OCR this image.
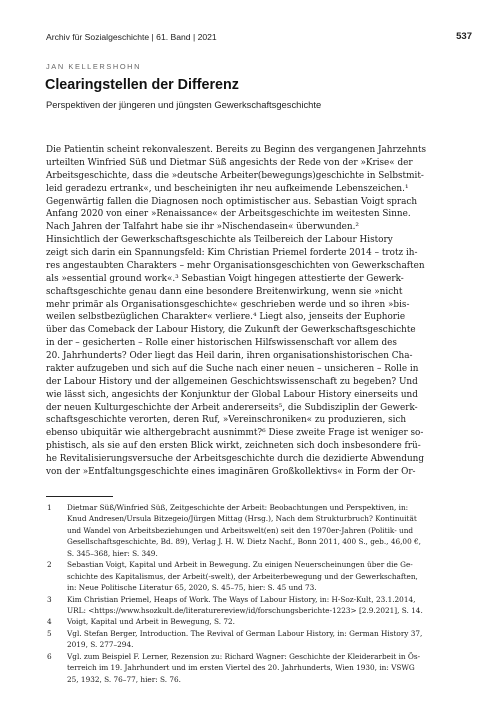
Archiv für Sozialgeschichte | 61. Band | 2021	537
JAN KELLERSHOHN
Clearingstellen der Differenz
Perspektiven der jüngeren und jüngsten Gewerkschaftsgeschichte
Die Patientin scheint rekonvaleszent. Bereits zu Beginn des vergangenen Jahrzehnts
urteilten Winfried Süß und Dietmar Süß angesichts der Rede von der »Krise« der
Arbeitsgeschichte, dass die »deutsche Arbeiter(bewegungs)geschichte in Selbstmit-
leid geradezu ertrank«, und bescheinigten ihr neu aufkeimende Lebenszeichen.¹
Gegenwärtig fallen die Diagnosen noch optimistischer aus. Sebastian Voigt sprach
Anfang 2020 von einer »Renaissance« der Arbeitsgeschichte im weitesten Sinne.
Nach Jahren der Talfahrt habe sie ihr »Nischendasein« überwunden.²
Hinsichtlich der Gewerkschaftsgeschichte als Teilbereich der Labour History
zeigt sich darin ein Spannungsfeld: Kim Christian Priemel forderte 2014 – trotz ih-
res angestaubten Charakters – mehr Organisationsgeschichten von Gewerkschaften
als »essential ground work«.³ Sebastian Voigt hingegen attestierte der Gewerk-
schaftsgeschichte genau dann eine besondere Breitenwirkung, wenn sie »nicht
mehr primär als Organisationsgeschichte« geschrieben werde und so ihren »bis-
weilen selbstbezüglichen Charakter« verliere.⁴ Liegt also, jenseits der Euphorie
über das Comeback der Labour History, die Zukunft der Gewerkschaftsgeschichte
in der – gesicherten – Rolle einer historischen Hilfswissenschaft vor allem des
20. Jahrhunderts? Oder liegt das Heil darin, ihren organisationshistorischen Cha-
rakter aufzugeben und sich auf die Suche nach einer neuen – unsicheren – Rolle in
der Labour History und der allgemeinen Geschichtswissenschaft zu begeben? Und
wie lässt sich, angesichts der Konjunktur der Global Labour History einerseits und
der neuen Kulturgeschichte der Arbeit andererseits⁵, die Subdisziplin der Gewerk-
schaftsgeschichte verorten, deren Ruf, »Vereinschroniken« zu produzieren, sich
ebenso ubiquitär wie althergebracht ausnimmt?⁶ Diese zweite Frage ist weniger so-
phistisch, als sie auf den ersten Blick wirkt, zeichneten sich doch insbesondere frü-
he Revitalisierungsversuche der Arbeitsgeschichte durch die dezidierte Abwendung
von der »Entfaltungsgeschichte eines imaginären Großkollektivs« in Form der Or-
1	Dietmar Süß/Winfried Süß, Zeitgeschichte der Arbeit: Beobachtungen und Perspektiven, in:
Knud Andresen/Ursula Bitzegeio/Jürgen Mittag (Hrsg.), Nach dem Strukturbruch? Kontinuität
und Wandel von Arbeitsbeziehungen und Arbeitswelt(en) seit den 1970er-Jahren (Politik- und
Gesellschaftsgeschichte, Bd. 89), Verlag J. H. W. Dietz Nachf., Bonn 2011, 400 S., geb., 46,00 €,
S. 345–368, hier: S. 349.
2	Sebastian Voigt, Kapital und Arbeit in Bewegung. Zu einigen Neuerscheinungen über die Ge-
schichte des Kapitalismus, der Arbeit(-swelt), der Arbeiterbewegung und der Gewerkschaften,
in: Neue Politische Literatur 65, 2020, S. 45–75, hier: S. 45 und 73.
3	Kim Christian Priemel, Heaps of Work. The Ways of Labour History, in: H-Soz-Kult, 23.1.2014,
URL: <https://www.hsozkult.de/literaturereview/id/forschungsberichte-1223> [2.9.2021], S. 14.
4	Voigt, Kapital und Arbeit in Bewegung, S. 72.
5	Vgl. Stefan Berger, Introduction. The Revival of German Labour History, in: German History 37,
2019, S. 277–294.
6	Vgl. zum Beispiel F. Lerner, Rezension zu: Richard Wagner: Geschichte der Kleiderarbeit in Ös-
terreich im 19. Jahrhundert und im ersten Viertel des 20. Jahrhunderts, Wien 1930, in: VSWG
25, 1932, S. 76–77, hier: S. 76.
